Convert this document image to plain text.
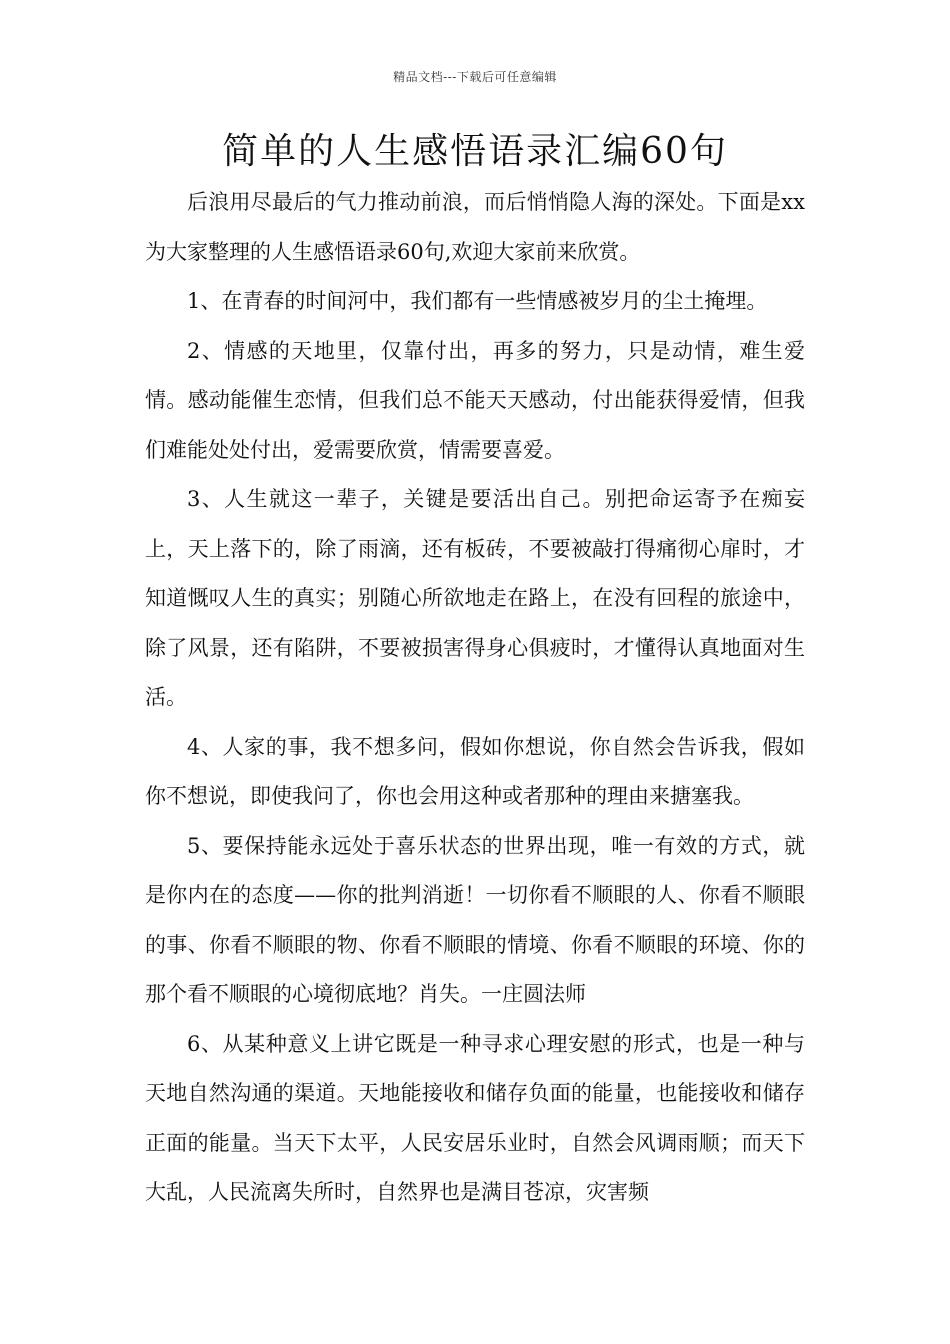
精品文档---下载后可任意编辑
简单的人生感悟语录汇编60句

后浪用尽最后的气力推动前浪，而后悄悄隐人海的深处。下面是xx为大家整理的人生感悟语录60句,欢迎大家前来欣赏。

1、在青春的时间河中，我们都有一些情感被岁月的尘土掩埋。

2、情感的天地里，仅靠付出，再多的努力，只是动情，难生爱情。感动能催生恋情，但我们总不能天天感动，付出能获得爱情，但我们难能处处付出，爱需要欣赏，情需要喜爱。

3、人生就这一辈子，关键是要活出自己。别把命运寄予在痴妄上，天上落下的，除了雨滴，还有板砖，不要被敲打得痛彻心扉时，才知道慨叹人生的真实；别随心所欲地走在路上，在没有回程的旅途中，除了风景，还有陷阱，不要被损害得身心俱疲时，才懂得认真地面对生活。

4、人家的事，我不想多问，假如你想说，你自然会告诉我，假如你不想说，即使我问了，你也会用这种或者那种的理由来搪塞我。

5、要保持能永远处于喜乐状态的世界出现，唯一有效的方式，就是你内在的态度——你的批判消逝！一切你看不顺眼的人、你看不顺眼的事、你看不顺眼的物、你看不顺眼的情境、你看不顺眼的环境、你的那个看不顺眼的心境彻底地？肖失。一庄圆法师

6、从某种意义上讲它既是一种寻求心理安慰的形式，也是一种与天地自然沟通的渠道。天地能接收和储存负面的能量，也能接收和储存正面的能量。当天下太平，人民安居乐业时，自然会风调雨顺；而天下大乱，人民流离失所时，自然界也是满目苍凉，灾害频
